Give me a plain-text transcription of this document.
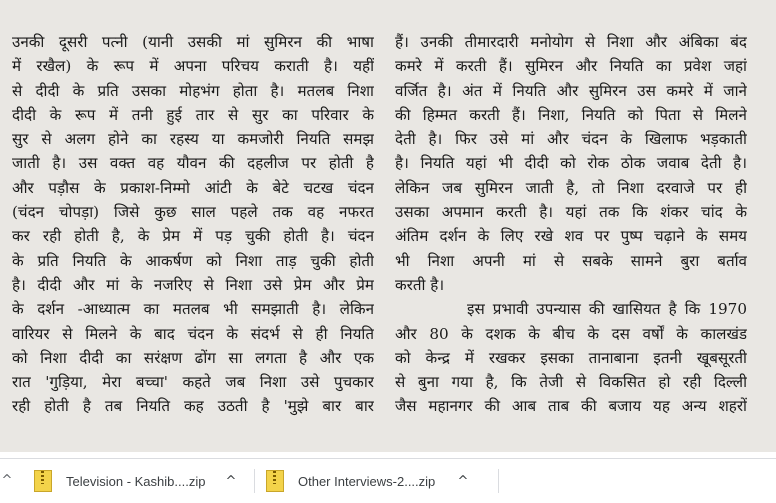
उनकी दूसरी पत्नी (यानी उसकी मां सुमिरन की भाषा
में रखैल) के रूप में अपना परिचय कराती है। यहीं
से दीदी के प्रति उसका मोहभंग होता है। मतलब निशा
दीदी के रूप में तनी हुई तार से सुर का परिवार के
सुर से अलग होने का रहस्य या कमजोरी नियति समझ
जाती है। उस वक्त वह यौवन की दहलीज पर होती है
और पड़ौस के प्रकाश-निम्मो आंटी के बेटे चटख चंदन
(चंदन चोपड़ा) जिसे कुछ साल पहले तक वह नफरत
कर रही होती है, के प्रेम में पड़ चुकी होती है। चंदन
के प्रति नियति के आकर्षण को निशा ताड़ चुकी होती
है। दीदी और मां के नजरिए से निशा उसे प्रेम और प्रेम
के दर्शन -आध्यात्म का मतलब भी समझाती है। लेकिन
वारियर से मिलने के बाद चंदन के संदर्भ से ही नियति
को निशा दीदी का सरंक्षण ढोंग सा लगता है और एक
रात 'गुड़िया, मेरा बच्चा' कहते जब निशा उसे पुचकार
रही होती है तब नियति कह उठती है 'मुझे बार बार
हैं। उनकी तीमारदारी मनोयोग से निशा और अंबिका बंद
कमरे में करती हैं। सुमिरन और नियति का प्रवेश जहां
वर्जित है। अंत में नियति और सुमिरन उस कमरे में जाने
की हिम्मत करती हैं। निशा, नियति को पिता से मिलने
देती है। फिर उसे मां और चंदन के खिलाफ भड़काती
है। नियति यहां भी दीदी को रोक ठोक जवाब देती है।
लेकिन जब सुमिरन जाती है, तो निशा दरवाजे पर ही
उसका अपमान करती है। यहां तक कि शंकर चांद के
अंतिम दर्शन के लिए रखे शव पर पुष्प चढ़ाने के समय
भी निशा अपनी मां से सबके सामने बुरा बर्ताव
करती है।
इस प्रभावी उपन्यास की खासियत है कि 1970
और 80 के दशक के बीच के दस वर्षों के कालखंड
को केन्द्र में रखकर इसका तानाबाना इतनी खूबसूरती
से बुना गया है, कि तेजी से विकसित हो रही दिल्ली
जैस महानगर की आब ताब की बजाय यह अन्य शहरों
^	Television - Kashib....zip	^	Other Interviews-2....zip	^
